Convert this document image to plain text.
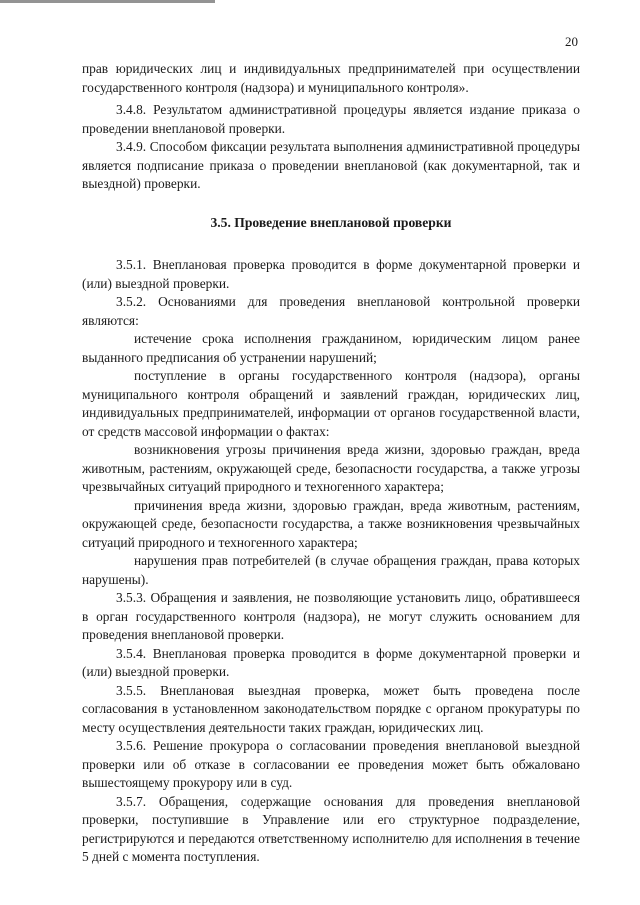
20

прав юридических лиц и индивидуальных предпринимателей при осуществлении государственного контроля (надзора) и муниципального контроля».

3.4.8. Результатом административной процедуры является издание приказа о проведении внеплановой проверки.

3.4.9. Способом фиксации результата выполнения административной процедуры является подписание приказа о проведении внеплановой (как документарной, так и выездной) проверки.

3.5. Проведение внеплановой проверки

3.5.1. Внеплановая проверка проводится в форме документарной проверки и (или) выездной проверки.

3.5.2. Основаниями для проведения внеплановой контрольной проверки являются:

истечение срока исполнения гражданином, юридическим лицом ранее выданного предписания об устранении нарушений;

поступление в органы государственного контроля (надзора), органы муниципального контроля обращений и заявлений граждан, юридических лиц, индивидуальных предпринимателей, информации от органов государственной власти, от средств массовой информации о фактах:

возникновения угрозы причинения вреда жизни, здоровью граждан, вреда животным, растениям, окружающей среде, безопасности государства, а также угрозы чрезвычайных ситуаций природного и техногенного характера;

причинения вреда жизни, здоровью граждан, вреда животным, растениям, окружающей среде, безопасности государства, а также возникновения чрезвычайных ситуаций природного и техногенного характера;

нарушения прав потребителей (в случае обращения граждан, права которых нарушены).

3.5.3. Обращения и заявления, не позволяющие установить лицо, обратившееся в орган государственного контроля (надзора), не могут служить основанием для проведения внеплановой проверки.

3.5.4. Внеплановая проверка проводится в форме документарной проверки и (или) выездной проверки.

3.5.5. Внеплановая выездная проверка, может быть проведена после согласования в установленном законодательством порядке с органом прокуратуры по месту осуществления деятельности таких граждан, юридических лиц.

3.5.6. Решение прокурора о согласовании проведения внеплановой выездной проверки или об отказе в согласовании ее проведения может быть обжаловано вышестоящему прокурору или в суд.

3.5.7. Обращения, содержащие основания для проведения внеплановой проверки, поступившие в Управление или его структурное подразделение, регистрируются и передаются ответственному исполнителю для исполнения в течение 5 дней с момента поступления.
